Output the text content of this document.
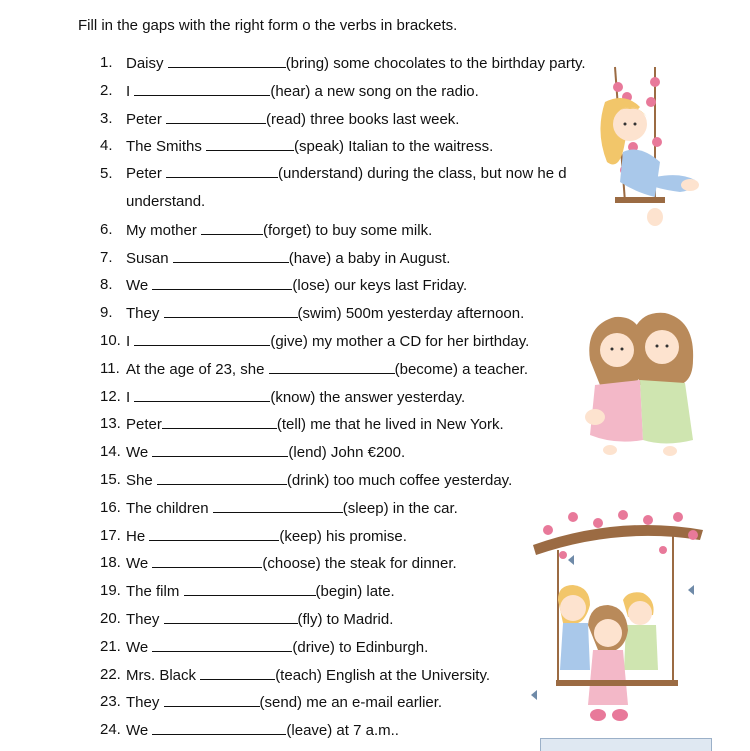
Fill in the gaps with the right form o the verbs in brackets.
1. Daisy	(bring) some chocolates to the birthday party.
2. I	(hear) a new song on the radio.
3. Peter	(read) three books last week.
4. The Smiths	(speak) Italian to the waitress.
5. Peter	(understand) during the class, but now he d
understand.
6. My mother	(forget) to buy some milk.
7. Susan	(have) a baby in August.
8. We	(lose) our keys last Friday.
9. They	(swim) 500m yesterday afternoon.
10. I	(give) my mother a CD for her birthday.
11. At the age of 23, she	(become) a teacher.
12. I	(know) the answer yesterday.
13. Peter	(tell) me that he lived in New York.
14. We	(lend) John €200.
15. She	(drink) too much coffee yesterday.
16. The children	(sleep) in the car.
17. He	(keep) his promise.
18. We	(choose) the steak for dinner.
19. The film	(begin) late.
20. They	(fly) to Madrid.
21. We	(drive) to Edinburgh.
22. Mrs. Black	(teach) English at the University.
23. They	(send) me an e-mail earlier.
24. We	(leave) at 7 a.m..
